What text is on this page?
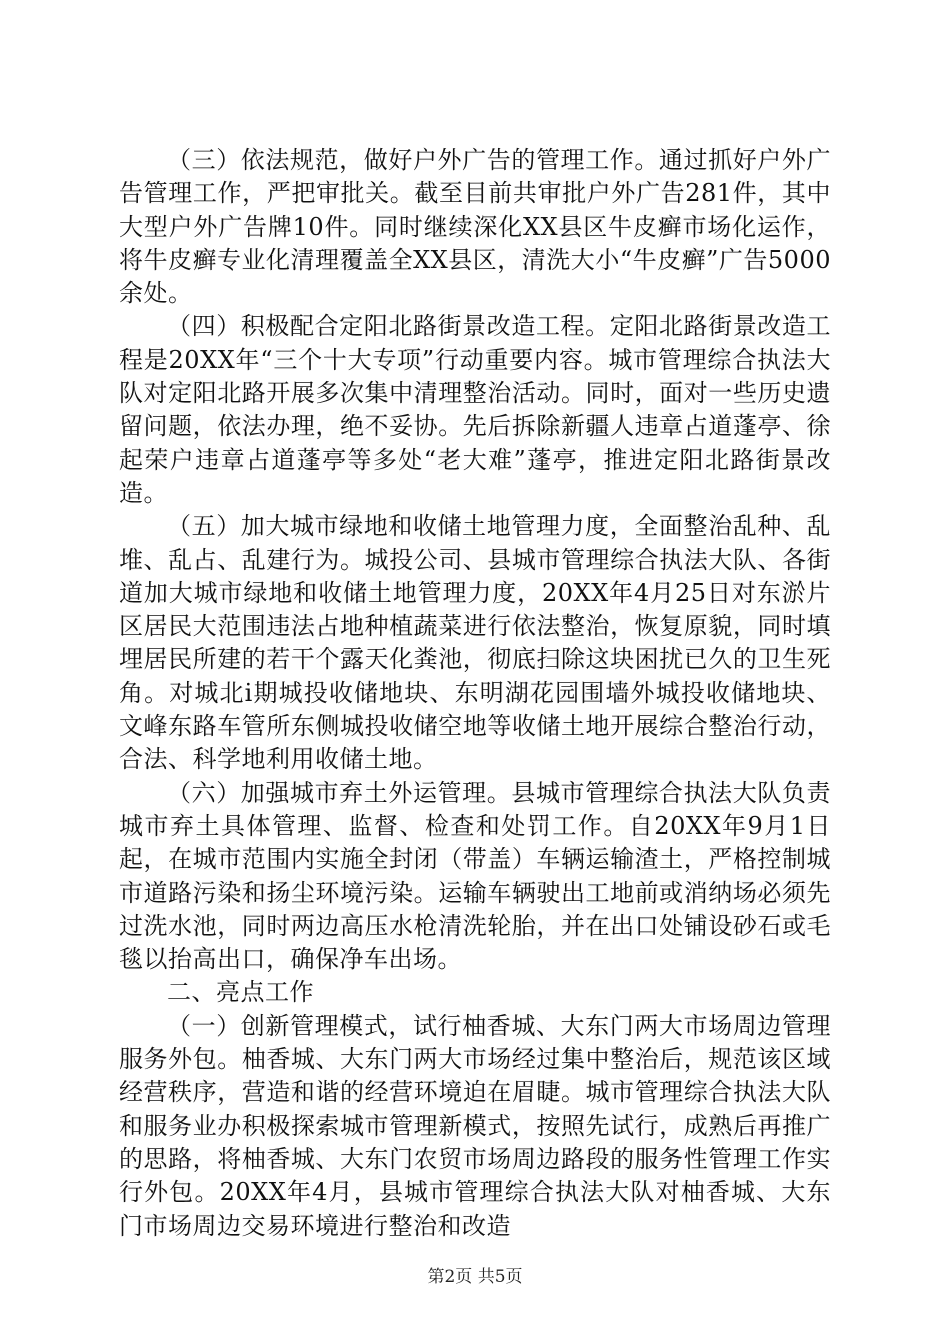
（三）依法规范，做好户外广告的管理工作。通过抓好户外广告管理工作，严把审批关。截至目前共审批户外广告281件，其中大型户外广告牌10件。同时继续深化XX县区牛皮癣市场化运作，将牛皮癣专业化清理覆盖全XX县区，清洗大小“牛皮癣”广告5000余处。

（四）积极配合定阳北路街景改造工程。定阳北路街景改造工程是20XX年“三个十大专项”行动重要内容。城市管理综合执法大队对定阳北路开展多次集中清理整治活动。同时，面对一些历史遗留问题，依法办理，绝不妥协。先后拆除新疆人违章占道蓬亭、徐起荣户违章占道蓬亭等多处“老大难”蓬亭，推进定阳北路街景改造。

（五）加大城市绿地和收储土地管理力度，全面整治乱种、乱堆、乱占、乱建行为。城投公司、县城市管理综合执法大队、各街道加大城市绿地和收储土地管理力度，20XX年4月25日对东淤片区居民大范围违法占地种植蔬菜进行依法整治，恢复原貌，同时填埋居民所建的若干个露天化粪池，彻底扫除这块困扰已久的卫生死角。对城北ⅰ期城投收储地块、东明湖花园围墙外城投收储地块、文峰东路车管所东侧城投收储空地等收储土地开展综合整治行动，合法、科学地利用收储土地。

（六）加强城市弃土外运管理。县城市管理综合执法大队负责城市弃土具体管理、监督、检查和处罚工作。自20XX年9月1日起，在城市范围内实施全封闭（带盖）车辆运输渣土，严格控制城市道路污染和扬尘环境污染。运输车辆驶出工地前或消纳场必须先过洗水池，同时两边高压水枪清洗轮胎，并在出口处铺设砂石或毛毯以抬高出口，确保净车出场。

二、亮点工作

（一）创新管理模式，试行柚香城、大东门两大市场周边管理服务外包。柚香城、大东门两大市场经过集中整治后，规范该区域经营秩序，营造和谐的经营环境迫在眉睫。城市管理综合执法大队和服务业办积极探索城市管理新模式，按照先试行，成熟后再推广的思路，将柚香城、大东门农贸市场周边路段的服务性管理工作实行外包。20XX年4月，县城市管理综合执法大队对柚香城、大东门市场周边交易环境进行整治和改造

第2页 共5页
